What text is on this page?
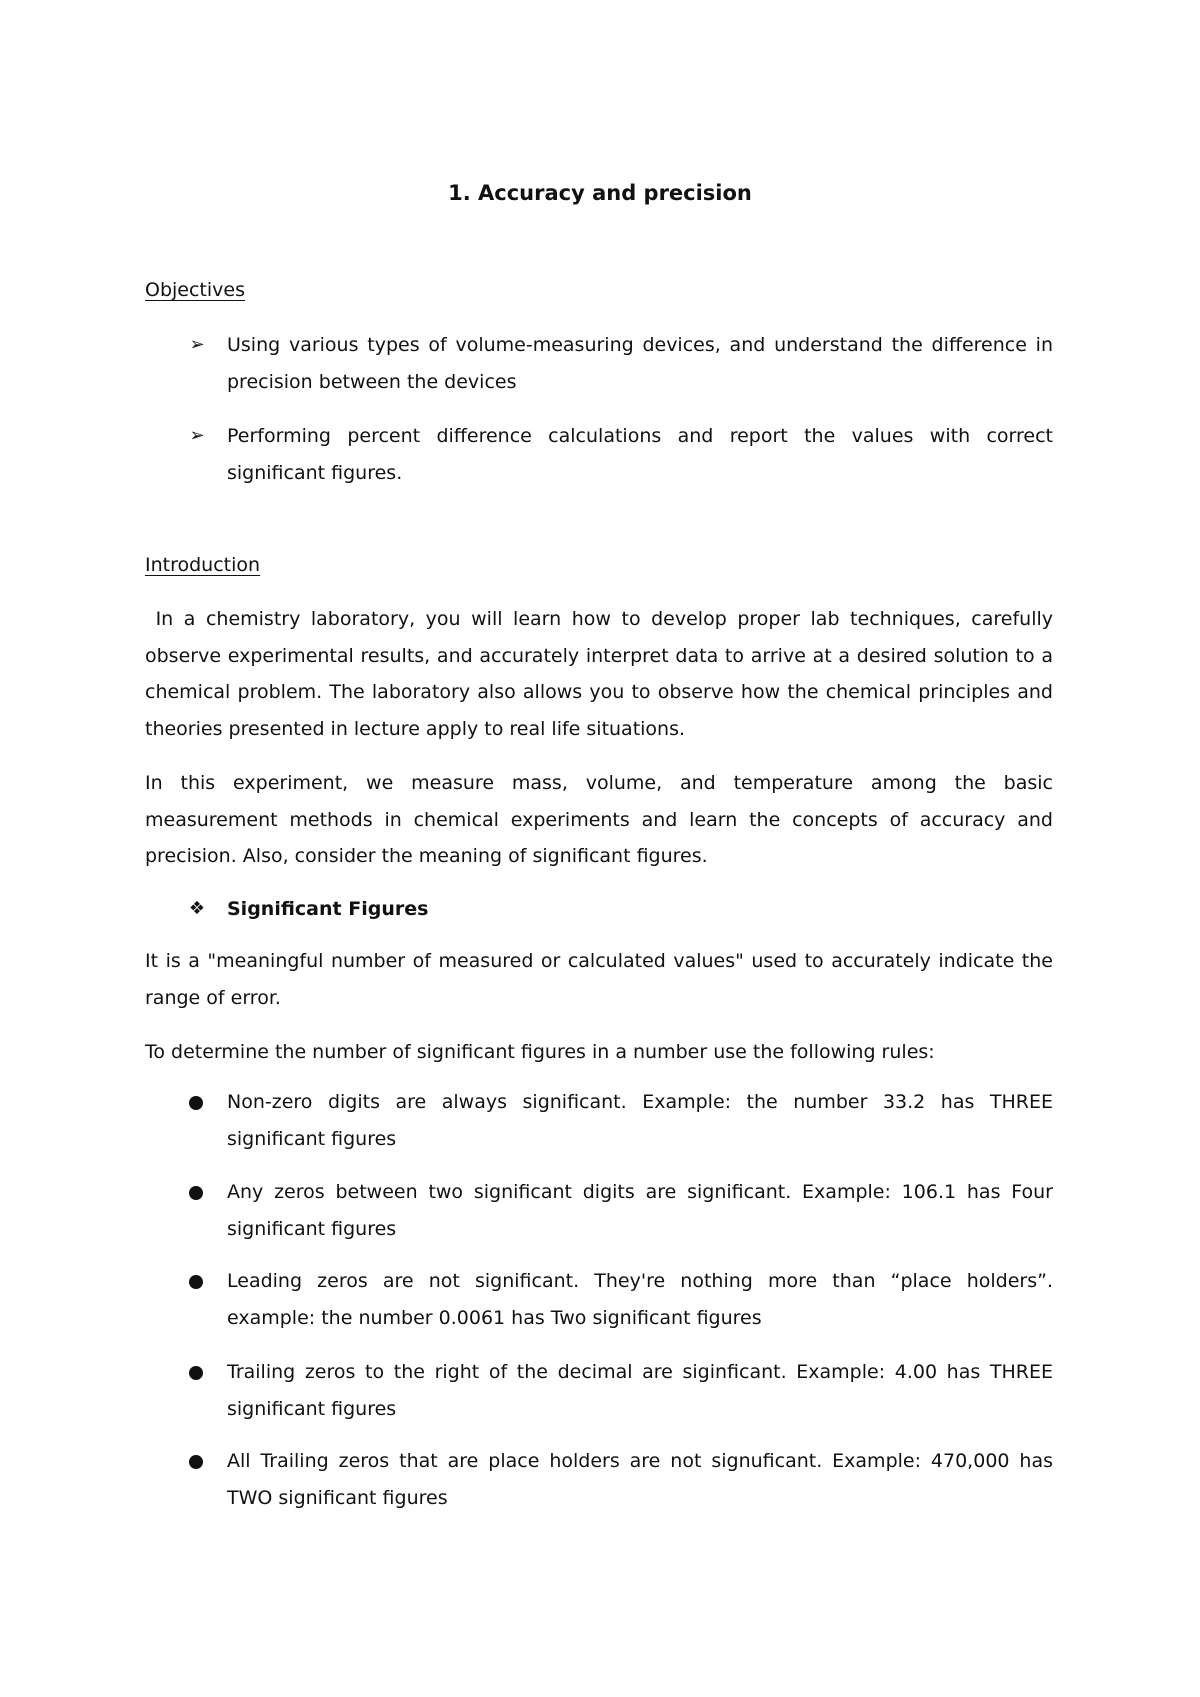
1. Accuracy and precision
Objectives
➢ Using various types of volume-measuring devices, and understand the difference in precision between the devices
➢ Performing percent difference calculations and report the values with correct significant figures.
Introduction

In a chemistry laboratory, you will learn how to develop proper lab techniques, carefully observe experimental results, and accurately interpret data to arrive at a desired solution to a chemical problem. The laboratory also allows you to observe how the chemical principles and theories presented in lecture apply to real life situations.

In this experiment, we measure mass, volume, and temperature among the basic measurement methods in chemical experiments and learn the concepts of accuracy and precision. Also, consider the meaning of significant figures.

❖ Significant Figures

It is a "meaningful number of measured or calculated values" used to accurately indicate the range of error.

To determine the number of significant figures in a number use the following rules:

Non-zero digits are always significant. Example: the number 33.2 has THREE significant figures
Any zeros between two significant digits are significant. Example: 106.1 has Four significant figures
Leading zeros are not significant. They're nothing more than “place holders”. example: the number 0.0061 has Two significant figures
Trailing zeros to the right of the decimal are siginficant. Example: 4.00 has THREE significant figures
All Trailing zeros that are place holders are not signuficant. Example: 470,000 has TWO significant figures
